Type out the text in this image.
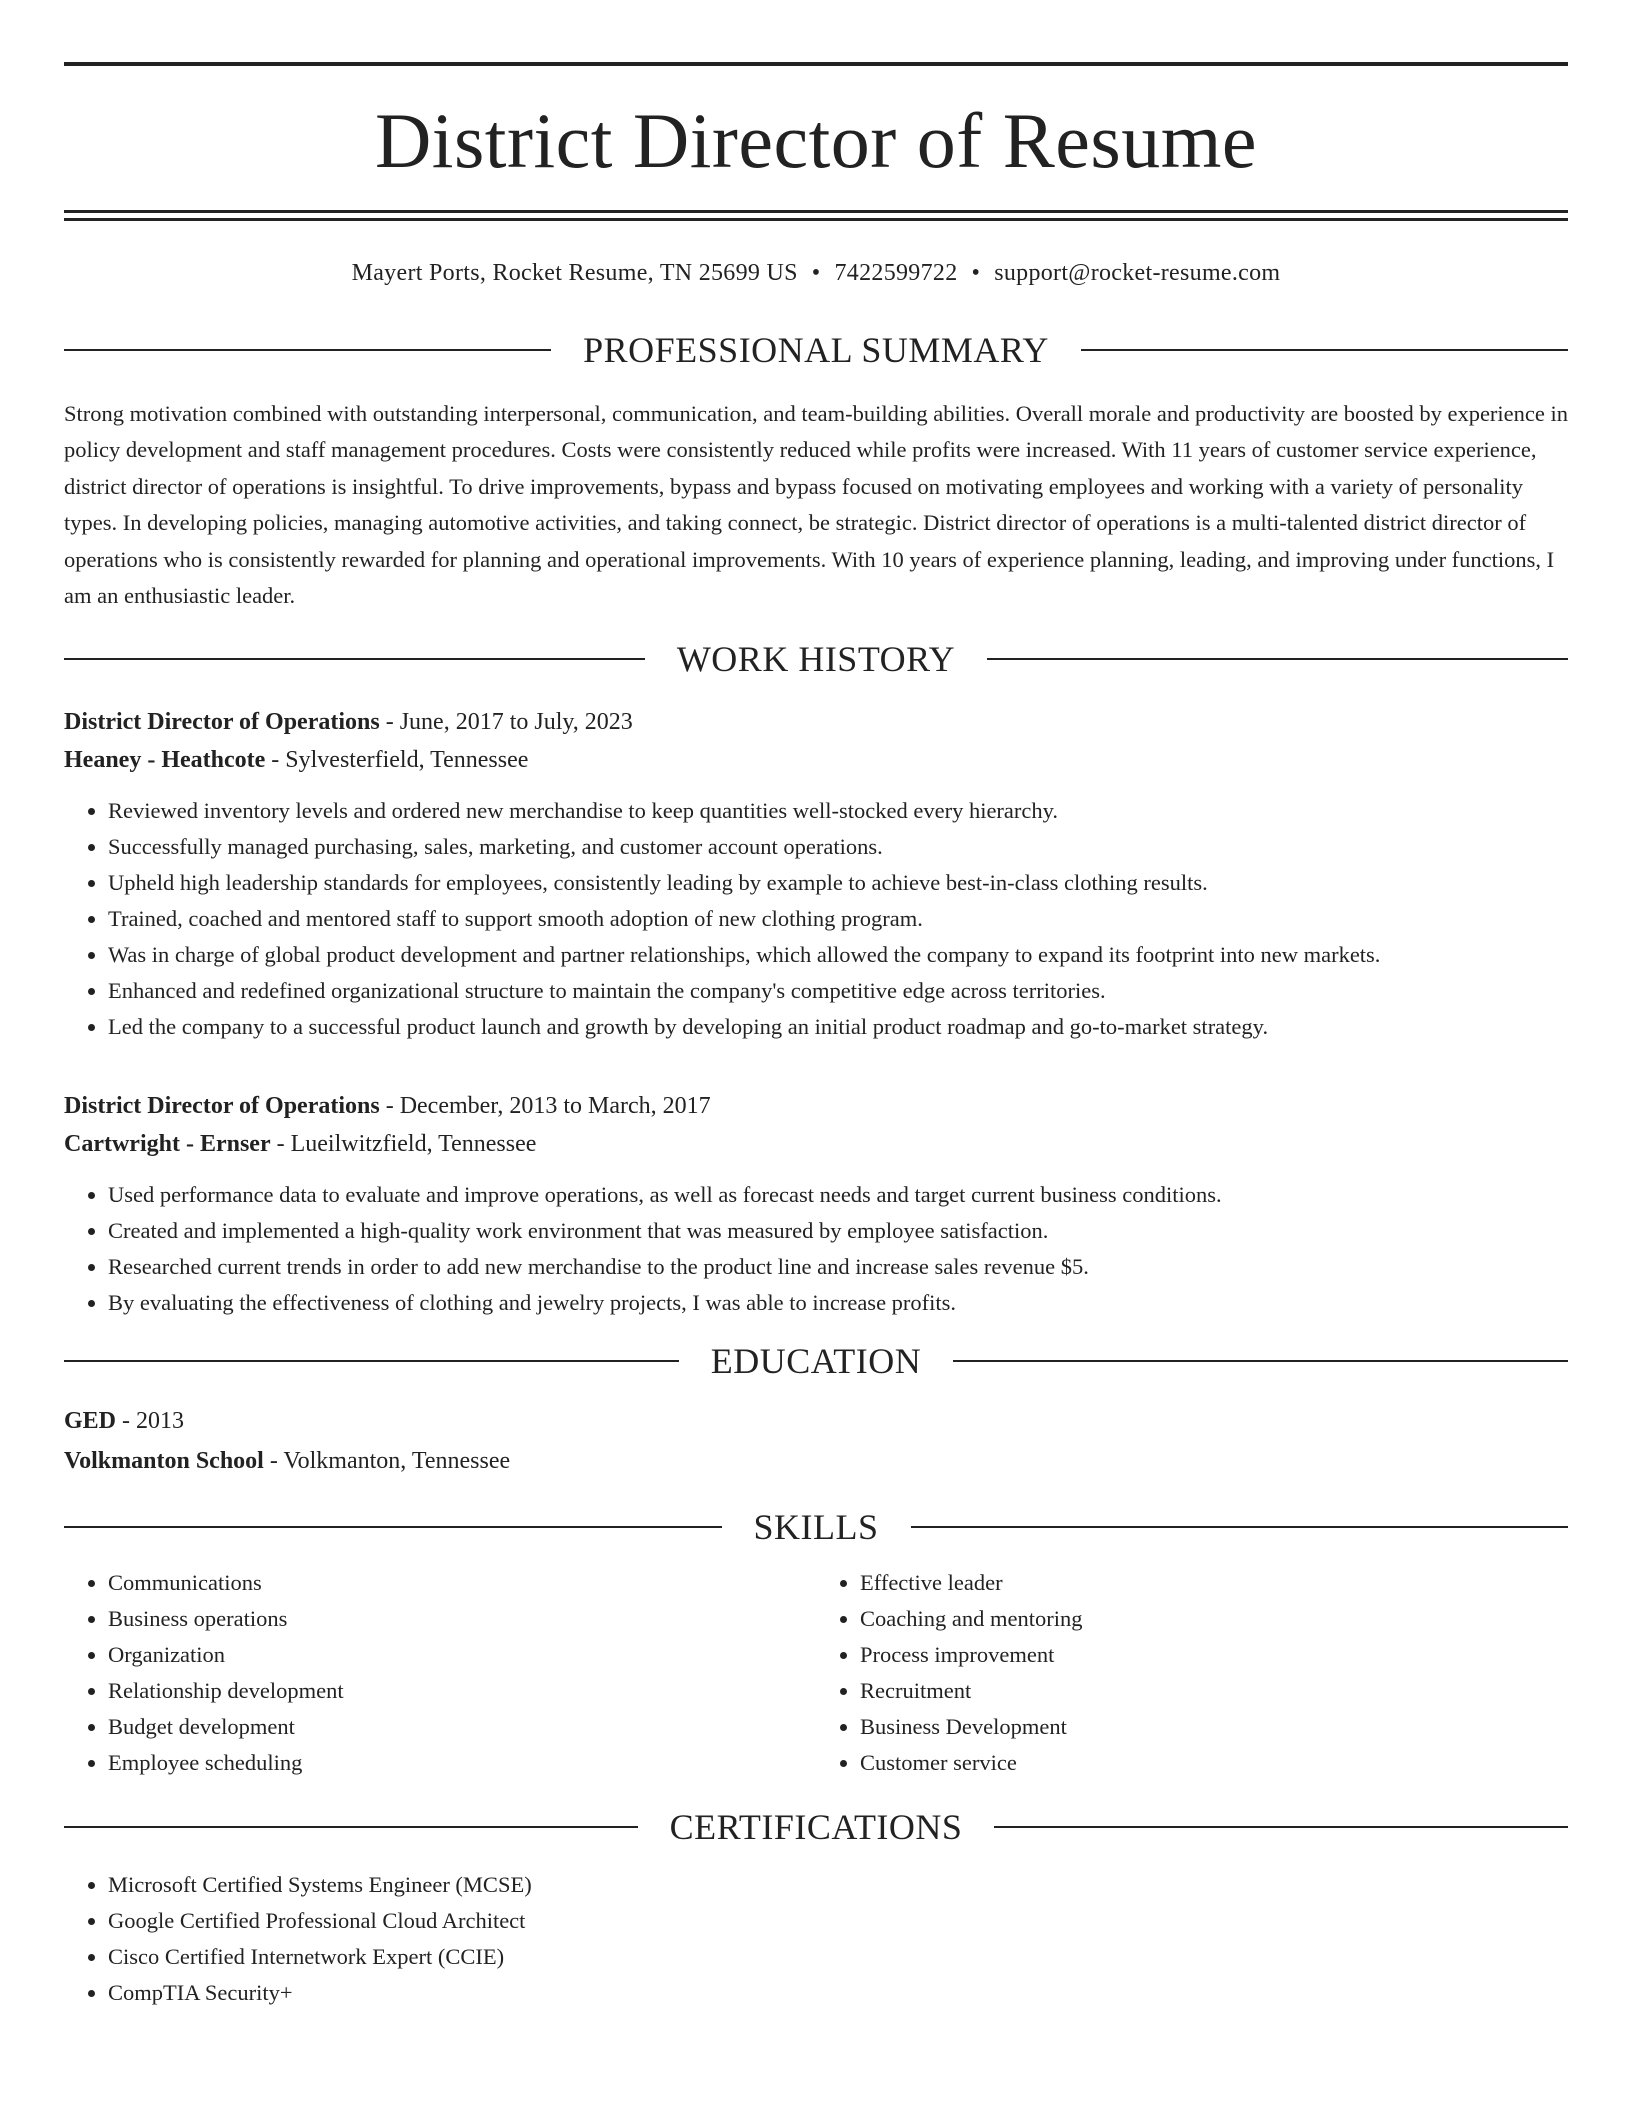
District Director of Resume
Mayert Ports, Rocket Resume, TN 25699 US • 7422599722 • support@rocket-resume.com
PROFESSIONAL SUMMARY
Strong motivation combined with outstanding interpersonal, communication, and team-building abilities. Overall morale and productivity are boosted by experience in policy development and staff management procedures. Costs were consistently reduced while profits were increased. With 11 years of customer service experience, district director of operations is insightful. To drive improvements, bypass and bypass focused on motivating employees and working with a variety of personality types. In developing policies, managing automotive activities, and taking connect, be strategic. District director of operations is a multi-talented district director of operations who is consistently rewarded for planning and operational improvements. With 10 years of experience planning, leading, and improving under functions, I am an enthusiastic leader.
WORK HISTORY
District Director of Operations - June, 2017 to July, 2023
Heaney - Heathcote - Sylvesterfield, Tennessee
• Reviewed inventory levels and ordered new merchandise to keep quantities well-stocked every hierarchy.
• Successfully managed purchasing, sales, marketing, and customer account operations.
• Upheld high leadership standards for employees, consistently leading by example to achieve best-in-class clothing results.
• Trained, coached and mentored staff to support smooth adoption of new clothing program.
• Was in charge of global product development and partner relationships, which allowed the company to expand its footprint into new markets.
• Enhanced and redefined organizational structure to maintain the company's competitive edge across territories.
• Led the company to a successful product launch and growth by developing an initial product roadmap and go-to-market strategy.
District Director of Operations - December, 2013 to March, 2017
Cartwright - Ernser - Lueilwitzfield, Tennessee
• Used performance data to evaluate and improve operations, as well as forecast needs and target current business conditions.
• Created and implemented a high-quality work environment that was measured by employee satisfaction.
• Researched current trends in order to add new merchandise to the product line and increase sales revenue $5.
• By evaluating the effectiveness of clothing and jewelry projects, I was able to increase profits.
EDUCATION
GED - 2013
Volkmanton School - Volkmanton, Tennessee
SKILLS
• Communications
• Business operations
• Organization
• Relationship development
• Budget development
• Employee scheduling
• Effective leader
• Coaching and mentoring
• Process improvement
• Recruitment
• Business Development
• Customer service
CERTIFICATIONS
• Microsoft Certified Systems Engineer (MCSE)
• Google Certified Professional Cloud Architect
• Cisco Certified Internetwork Expert (CCIE)
• CompTIA Security+
